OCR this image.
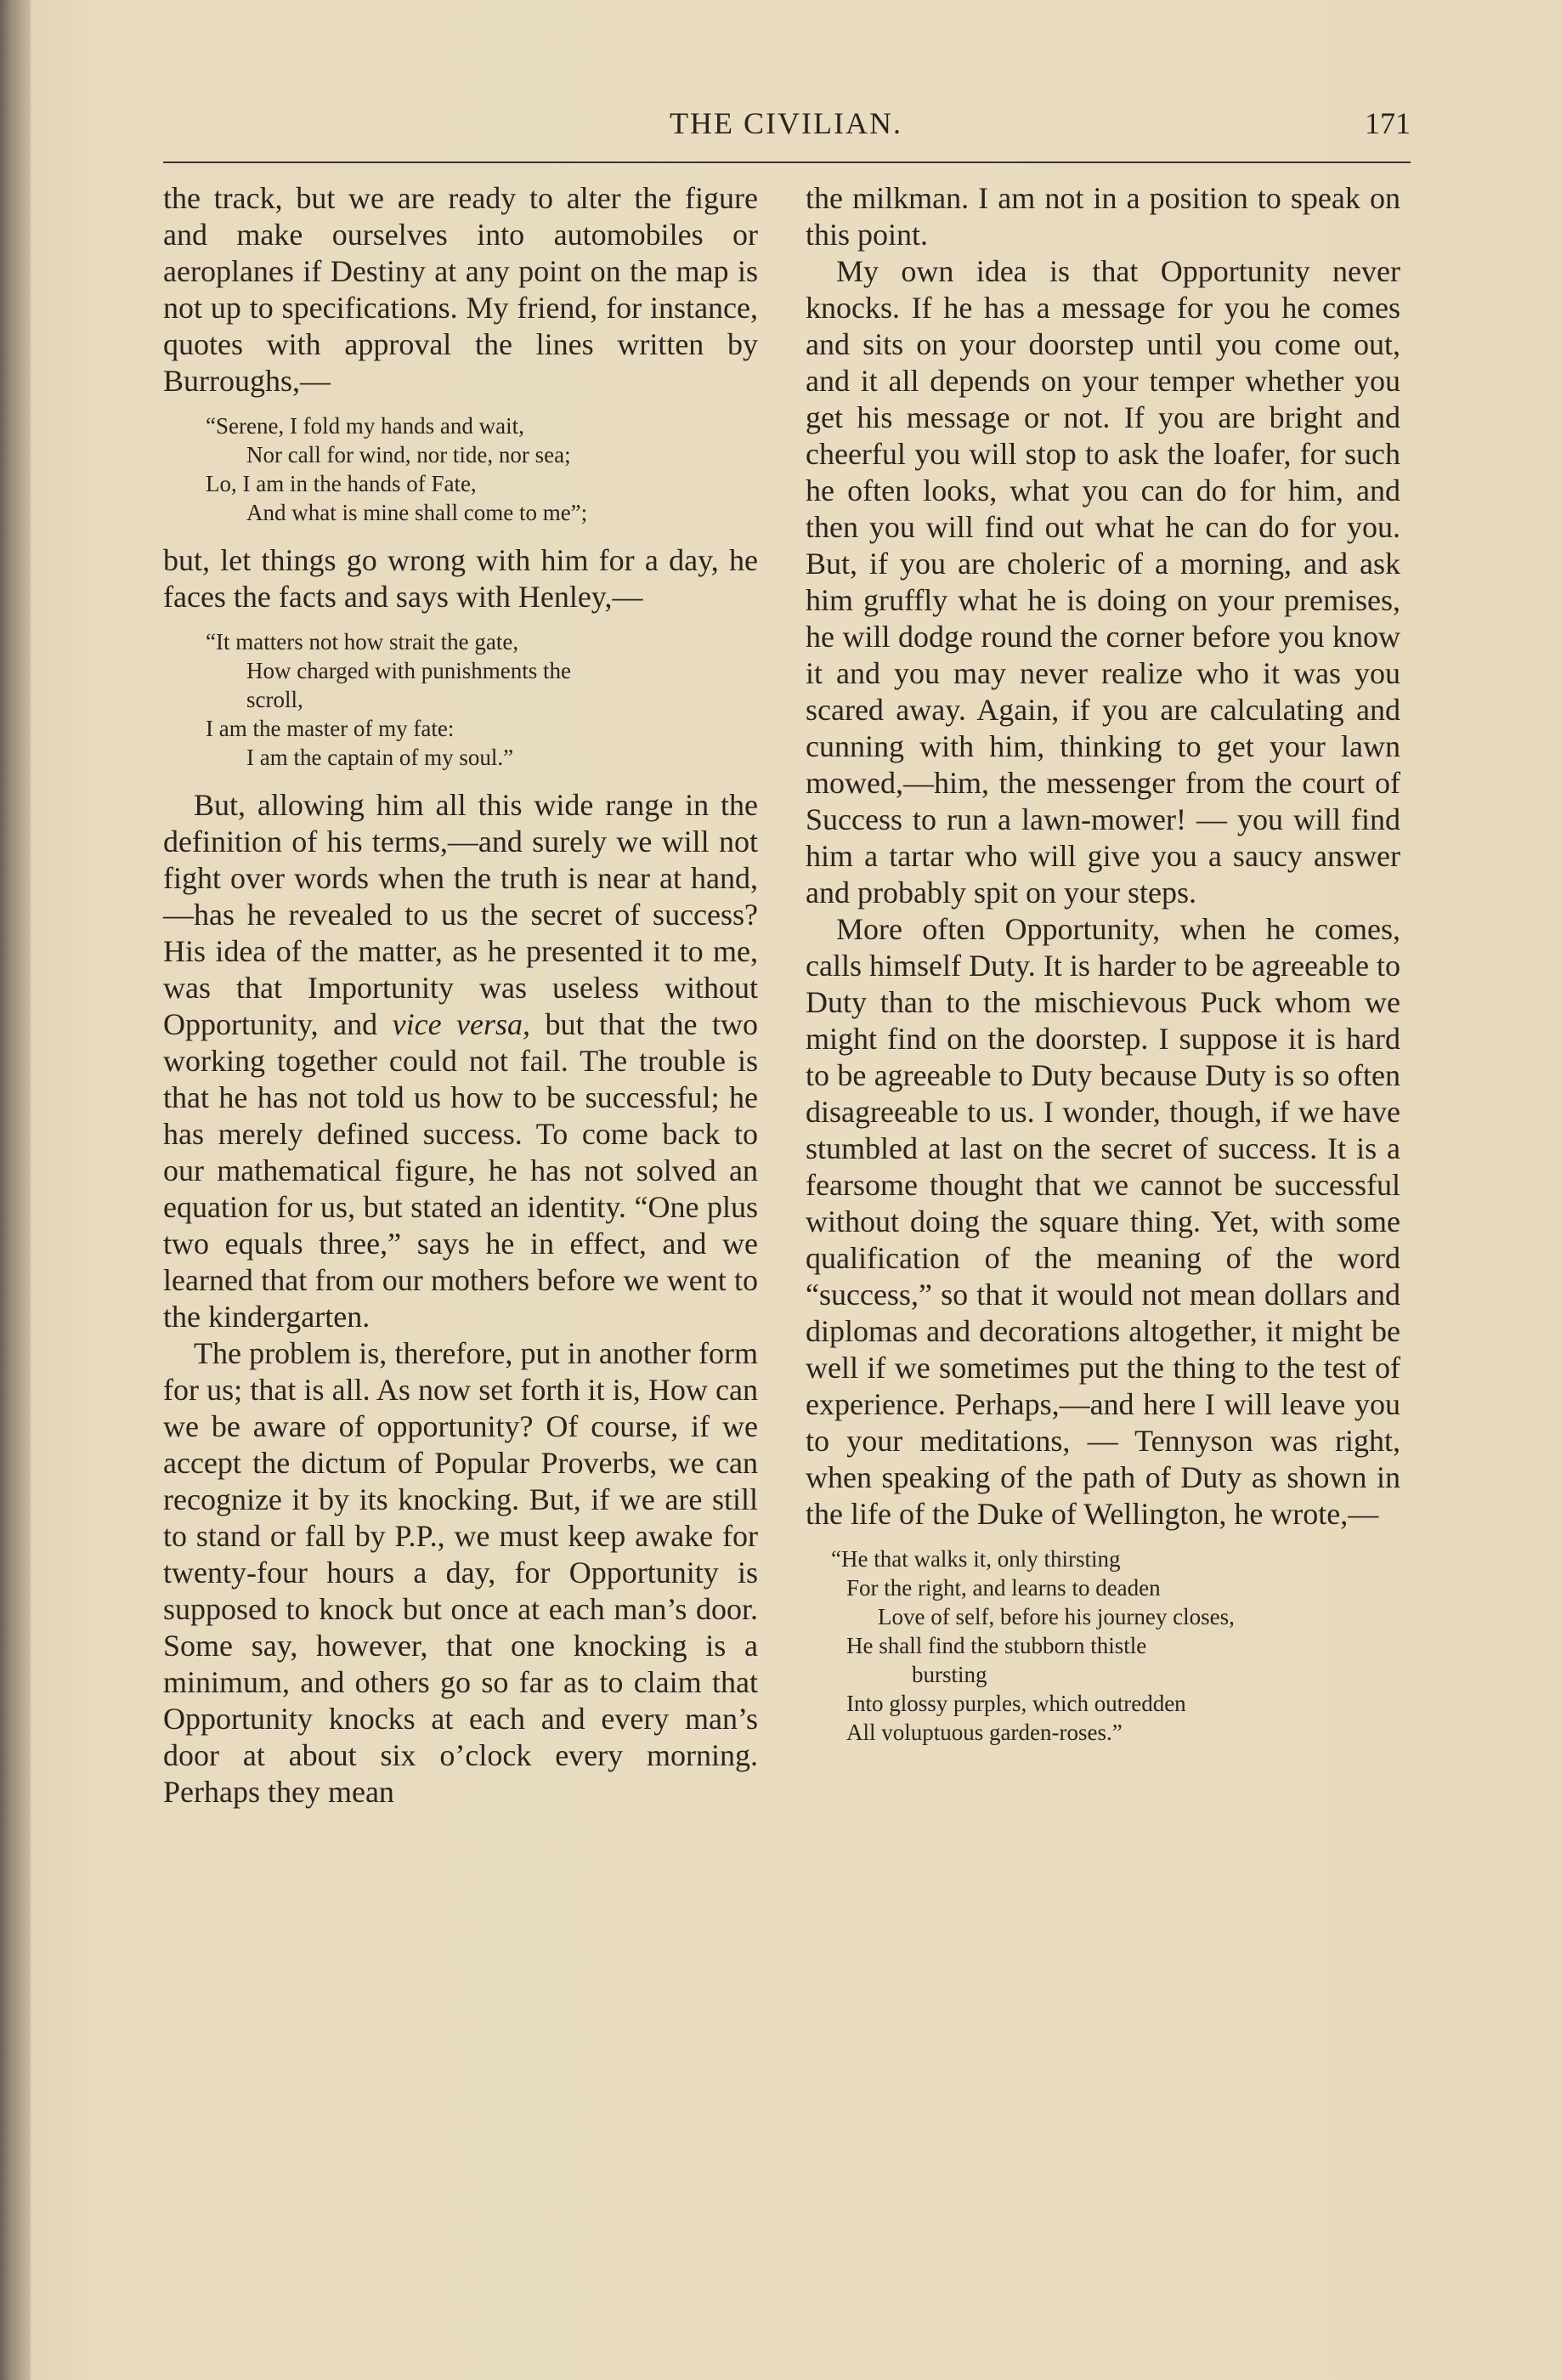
THE CIVILIAN.	171

the track, but we are ready to alter the figure and make ourselves into automobiles or aeroplanes if Destiny at any point on the map is not up to specifications. My friend, for instance, quotes with approval the lines written by Burroughs,—

“Serene, I fold my hands and wait,
Nor call for wind, nor tide, nor sea;
Lo, I am in the hands of Fate,
And what is mine shall come to me”;

but, let things go wrong with him for a day, he faces the facts and says with Henley,—

“It matters not how strait the gate,
How charged with punishments the
scroll,
I am the master of my fate:
I am the captain of my soul.”

But, allowing him all this wide range in the definition of his terms,—and surely we will not fight over words when the truth is near at hand,—has he revealed to us the secret of success? His idea of the matter, as he presented it to me, was that Importunity was useless without Opportunity, and vice versa, but that the two working together could not fail. The trouble is that he has not told us how to be successful; he has merely defined success. To come back to our mathematical figure, he has not solved an equation for us, but stated an identity. “One plus two equals three,” says he in effect, and we learned that from our mothers before we went to the kindergarten.

The problem is, therefore, put in another form for us; that is all. As now set forth it is, How can we be aware of opportunity? Of course, if we accept the dictum of Popular Proverbs, we can recognize it by its knocking. But, if we are still to stand or fall by P.P., we must keep awake for twenty-four hours a day, for Opportunity is supposed to knock but once at each man’s door. Some say, however, that one knocking is a minimum, and others go so far as to claim that Opportunity knocks at each and every man’s door at about six o’clock every morning. Perhaps they mean

the milkman. I am not in a position to speak on this point.

My own idea is that Opportunity never knocks. If he has a message for you he comes and sits on your doorstep until you come out, and it all depends on your temper whether you get his message or not. If you are bright and cheerful you will stop to ask the loafer, for such he often looks, what you can do for him, and then you will find out what he can do for you. But, if you are choleric of a morning, and ask him gruffly what he is doing on your premises, he will dodge round the corner before you know it and you may never realize who it was you scared away. Again, if you are calculating and cunning with him, thinking to get your lawn mowed,—him, the messenger from the court of Success to run a lawn-mower! — you will find him a tartar who will give you a saucy answer and probably spit on your steps.

More often Opportunity, when he comes, calls himself Duty. It is harder to be agreeable to Duty than to the mischievous Puck whom we might find on the doorstep. I suppose it is hard to be agreeable to Duty because Duty is so often disagreeable to us. I wonder, though, if we have stumbled at last on the secret of success. It is a fearsome thought that we cannot be successful without doing the square thing. Yet, with some qualification of the meaning of the word “success,” so that it would not mean dollars and diplomas and decorations altogether, it might be well if we sometimes put the thing to the test of experience. Perhaps,—and here I will leave you to your meditations, — Tennyson was right, when speaking of the path of Duty as shown in the life of the Duke of Wellington, he wrote,—

“He that walks it, only thirsting
For the right, and learns to deaden
Love of self, before his journey closes,
He shall find the stubborn thistle
bursting
Into glossy purples, which outredden
All voluptuous garden-roses.”
